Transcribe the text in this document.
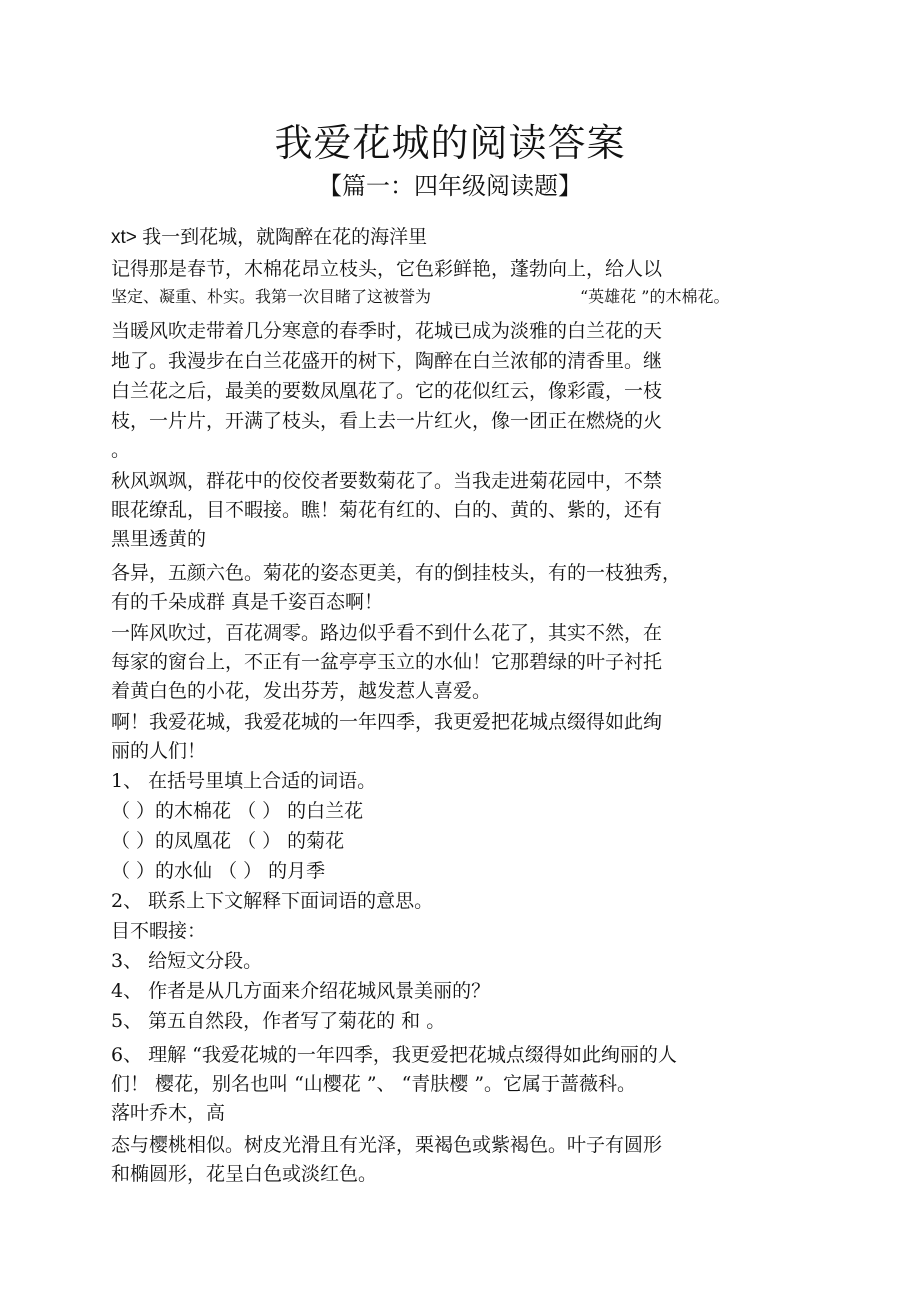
我爱花城的阅读答案
【篇一：四年级阅读题】
xt> 我一到花城，就陶醉在花的海洋里
记得那是春节，木棉花昂立枝头，它色彩鲜艳，蓬勃向上，给人以
坚定、凝重、朴实。我第一次目睹了这被誉为	“英雄花 ”的木棉花。
当暖风吹走带着几分寒意的春季时，花城已成为淡雅的白兰花的天
地了。我漫步在白兰花盛开的树下，陶醉在白兰浓郁的清香里。继
白兰花之后，最美的要数凤凰花了。它的花似红云，像彩霞，一枝
枝，一片片，开满了枝头，看上去一片红火，像一团正在燃烧的火
。
秋风飒飒，群花中的佼佼者要数菊花了。当我走进菊花园中，不禁
眼花缭乱，目不暇接。瞧！菊花有红的、白的、黄的、紫的，还有
黑里透黄的
各异，五颜六色。菊花的姿态更美，有的倒挂枝头，有的一枝独秀，
有的千朵成群 真是千姿百态啊！
一阵风吹过，百花凋零。路边似乎看不到什么花了，其实不然，在
每家的窗台上，不正有一盆亭亭玉立的水仙！它那碧绿的叶子衬托
着黄白色的小花，发出芬芳，越发惹人喜爱。
啊！我爱花城，我爱花城的一年四季，我更爱把花城点缀得如此绚
丽的人们！
1、 在括号里填上合适的词语。
（ ）的木棉花 （ ） 的白兰花
（ ）的凤凰花 （ ） 的菊花
（ ）的水仙 （ ） 的月季
2、 联系上下文解释下面词语的意思。
目不暇接：
3、 给短文分段。
4、 作者是从几方面来介绍花城风景美丽的？
5、 第五自然段，作者写了菊花的 和 。
6、 理解 “我爱花城的一年四季，我更爱把花城点缀得如此绚丽的人
们！ 樱花，别名也叫 “山樱花 ”、 “青肤樱 ”。它属于蔷薇科。
落叶乔木，高
态与樱桃相似。树皮光滑且有光泽，栗褐色或紫褐色。叶子有圆形
和椭圆形，花呈白色或淡红色。
